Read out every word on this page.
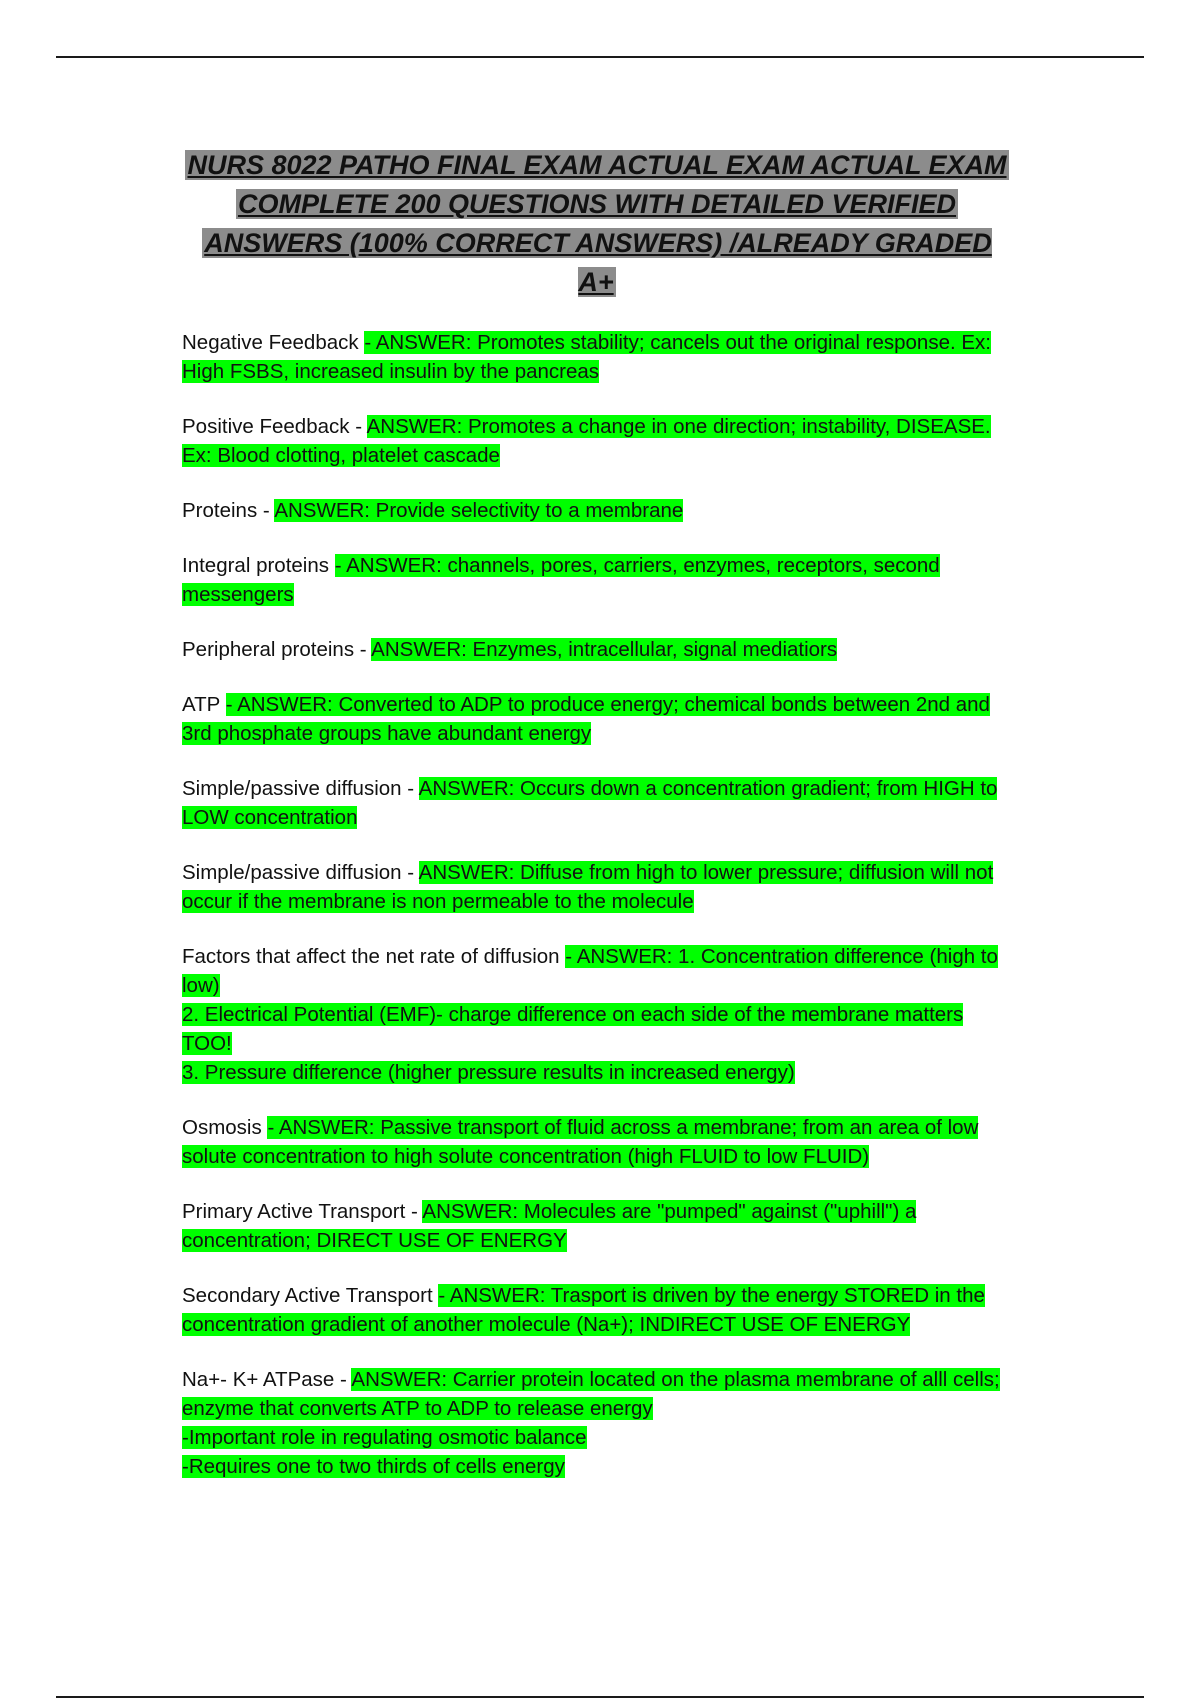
NURS 8022 PATHO FINAL EXAM ACTUAL EXAM ACTUAL EXAM
COMPLETE 200 QUESTIONS WITH DETAILED VERIFIED
ANSWERS (100% CORRECT ANSWERS) /ALREADY GRADED A+
Negative Feedback - ANSWER: Promotes stability; cancels out the original response. Ex: High FSBS, increased insulin by the pancreas
Positive Feedback - ANSWER: Promotes a change in one direction; instability, DISEASE. Ex: Blood clotting, platelet cascade
Proteins - ANSWER: Provide selectivity to a membrane
Integral proteins - ANSWER: channels, pores, carriers, enzymes, receptors, second messengers
Peripheral proteins - ANSWER: Enzymes, intracellular, signal mediatiors
ATP - ANSWER: Converted to ADP to produce energy; chemical bonds between 2nd and 3rd phosphate groups have abundant energy
Simple/passive diffusion - ANSWER: Occurs down a concentration gradient; from HIGH to LOW concentration
Simple/passive diffusion - ANSWER: Diffuse from high to lower pressure; diffusion will not occur if the membrane is non permeable to the molecule
Factors that affect the net rate of diffusion - ANSWER: 1. Concentration difference (high to low)
2. Electrical Potential (EMF)- charge difference on each side of the membrane matters TOO!
3. Pressure difference (higher pressure results in increased energy)
Osmosis - ANSWER: Passive transport of fluid across a membrane; from an area of low solute concentration to high solute concentration (high FLUID to low FLUID)
Primary Active Transport - ANSWER: Molecules are "pumped" against ("uphill") a concentration; DIRECT USE OF ENERGY
Secondary Active Transport - ANSWER: Trasport is driven by the energy STORED in the concentration gradient of another molecule (Na+); INDIRECT USE OF ENERGY
Na+- K+ ATPase - ANSWER: Carrier protein located on the plasma membrane of alll cells; enzyme that converts ATP to ADP to release energy
-Important role in regulating osmotic balance
-Requires one to two thirds of cells energy
